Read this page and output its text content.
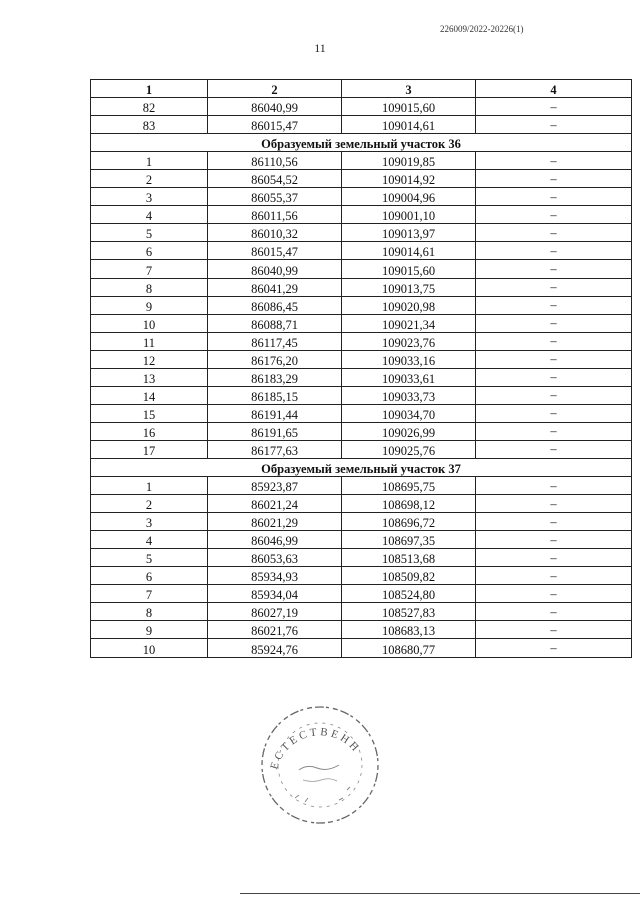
226009/2022-20226(1)
11
1	2	3	4
82	86040,99	109015,60	–
83	86015,47	109014,61	–
Образуемый земельный участок 36			
1	86110,56	109019,85	–
2	86054,52	109014,92	–
3	86055,37	109004,96	–
4	86011,56	109001,10	–
5	86010,32	109013,97	–
6	86015,47	109014,61	–
7	86040,99	109015,60	–
8	86041,29	109013,75	–
9	86086,45	109020,98	–
10	86088,71	109021,34	–
11	86117,45	109023,76	–
12	86176,20	109033,16	–
13	86183,29	109033,61	–
14	86185,15	109033,73	–
15	86191,44	109034,70	–
16	86191,65	109026,99	–
17	86177,63	109025,76	–
Образуемый земельный участок 37			
1	85923,87	108695,75	–
2	86021,24	108698,12	–
3	86021,29	108696,72	–
4	86046,99	108697,35	–
5	86053,63	108513,68	–
6	85934,93	108509,82	–
7	85934,04	108524,80	–
8	86027,19	108527,83	–
9	86021,76	108683,13	–
10	85924,76	108680,77	–
ЕСТЕСТВЕНН
